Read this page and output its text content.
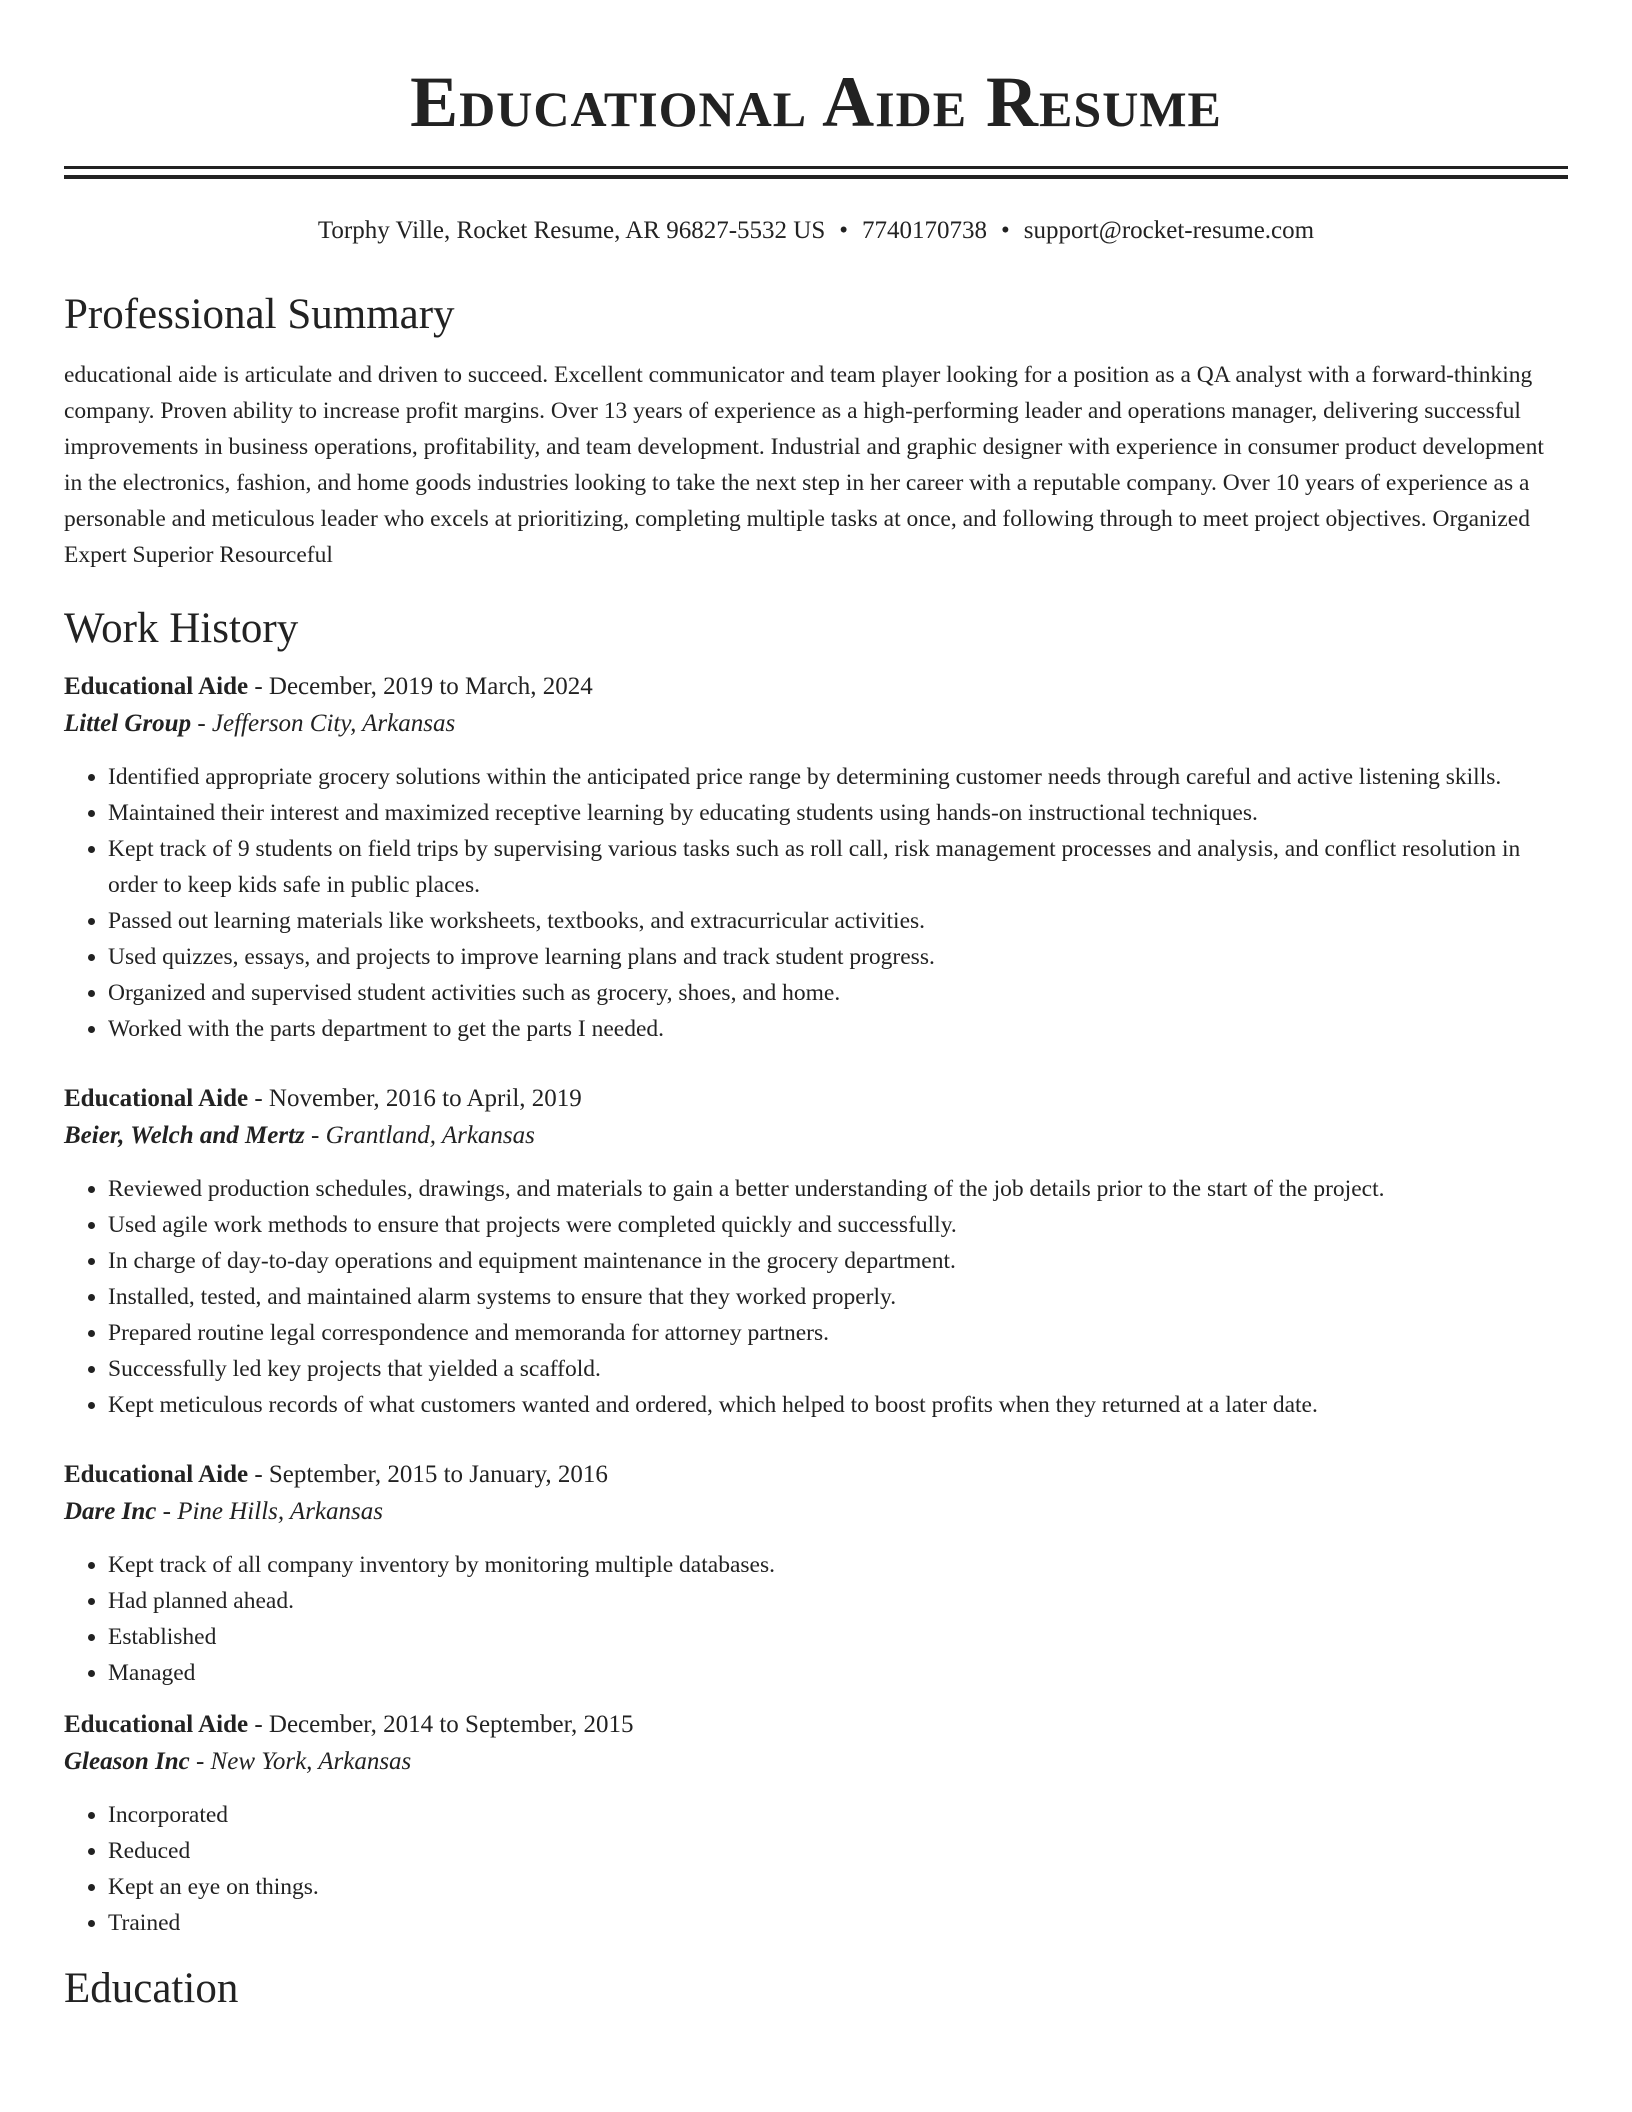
Educational Aide Resume
Torphy Ville, Rocket Resume, AR 96827-5532 US • 7740170738 • support@rocket-resume.com
Professional Summary

educational aide is articulate and driven to succeed. Excellent communicator and team player looking for a position as a QA analyst with a forward-thinking company. Proven ability to increase profit margins. Over 13 years of experience as a high-performing leader and operations manager, delivering successful improvements in business operations, profitability, and team development. Industrial and graphic designer with experience in consumer product development in the electronics, fashion, and home goods industries looking to take the next step in her career with a reputable company. Over 10 years of experience as a personable and meticulous leader who excels at prioritizing, completing multiple tasks at once, and following through to meet project objectives. Organized Expert Superior Resourceful

Work History
Educational Aide - December, 2019 to March, 2024
Littel Group - Jefferson City, Arkansas
• Identified appropriate grocery solutions within the anticipated price range by determining customer needs through careful and active listening skills.
• Maintained their interest and maximized receptive learning by educating students using hands-on instructional techniques.
• Kept track of 9 students on field trips by supervising various tasks such as roll call, risk management processes and analysis, and conflict resolution in order to keep kids safe in public places.
• Passed out learning materials like worksheets, textbooks, and extracurricular activities.
• Used quizzes, essays, and projects to improve learning plans and track student progress.
• Organized and supervised student activities such as grocery, shoes, and home.
• Worked with the parts department to get the parts I needed.
Educational Aide - November, 2016 to April, 2019
Beier, Welch and Mertz - Grantland, Arkansas
• Reviewed production schedules, drawings, and materials to gain a better understanding of the job details prior to the start of the project.
• Used agile work methods to ensure that projects were completed quickly and successfully.
• In charge of day-to-day operations and equipment maintenance in the grocery department.
• Installed, tested, and maintained alarm systems to ensure that they worked properly.
• Prepared routine legal correspondence and memoranda for attorney partners.
• Successfully led key projects that yielded a scaffold.
• Kept meticulous records of what customers wanted and ordered, which helped to boost profits when they returned at a later date.
Educational Aide - September, 2015 to January, 2016
Dare Inc - Pine Hills, Arkansas
• Kept track of all company inventory by monitoring multiple databases.
• Had planned ahead.
• Established
• Managed
Educational Aide - December, 2014 to September, 2015
Gleason Inc - New York, Arkansas
• Incorporated
• Reduced
• Kept an eye on things.
• Trained
Education
